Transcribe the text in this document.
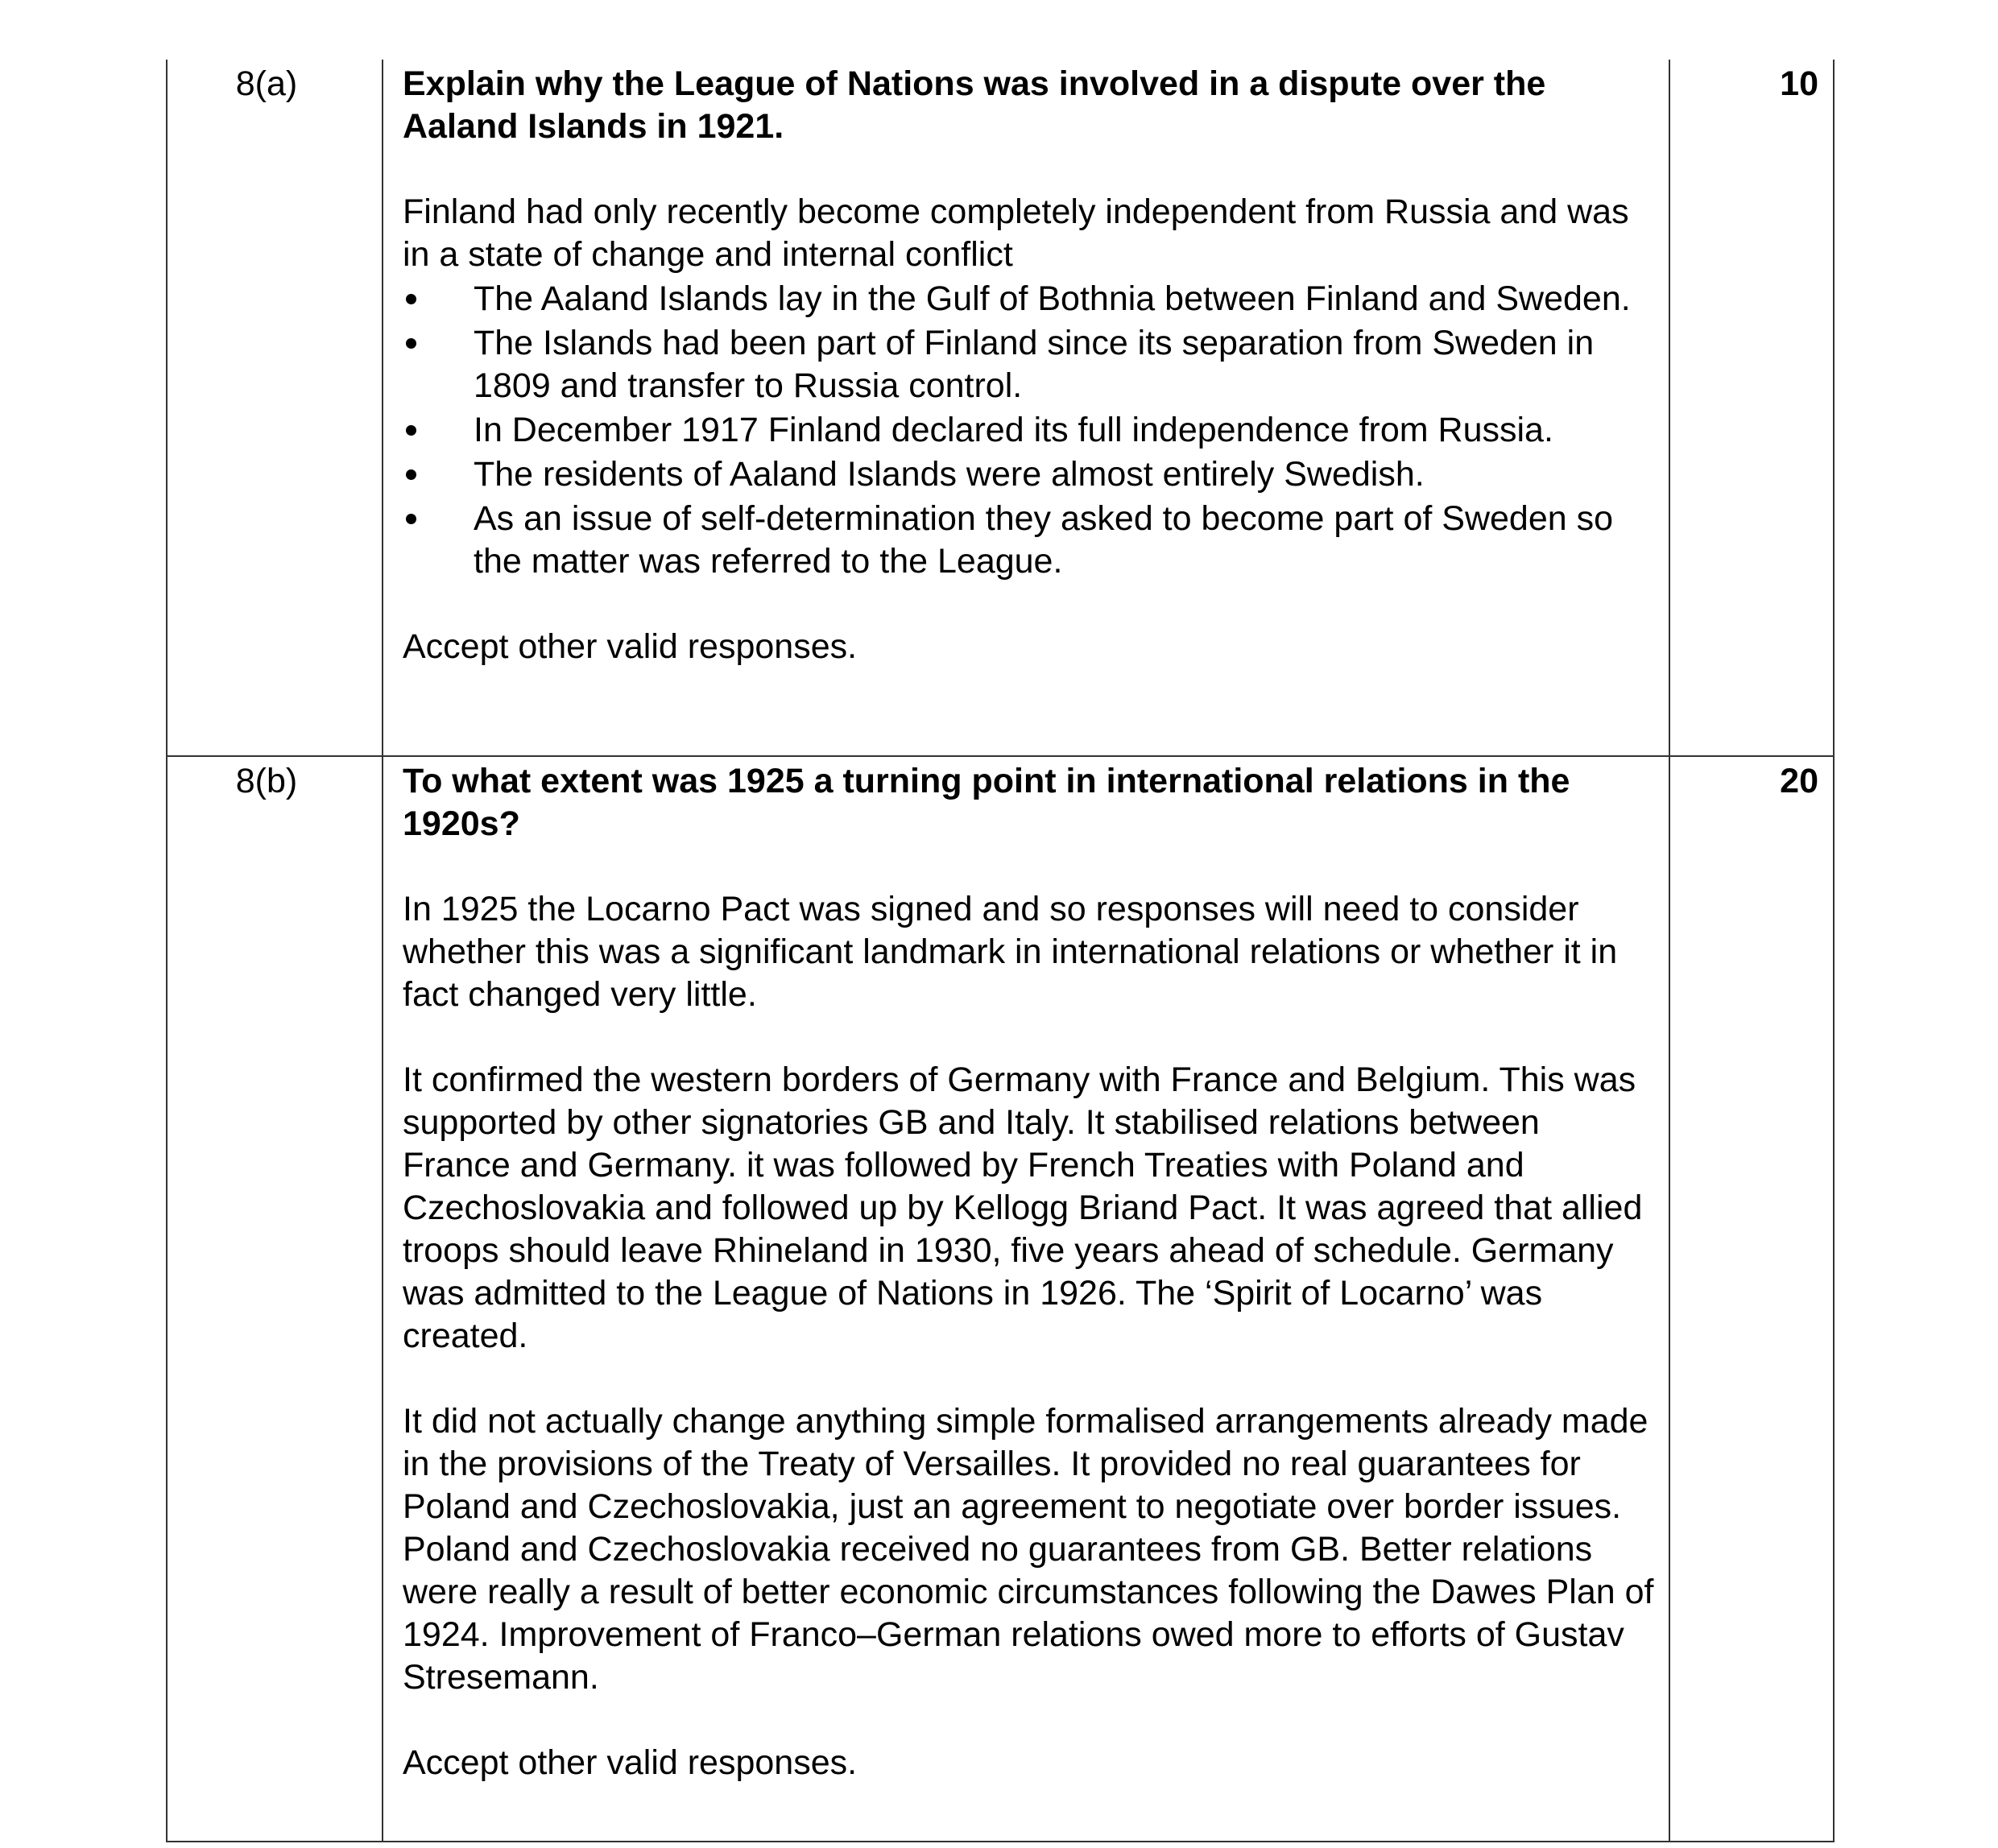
8(a)	Explain why the League of Nations was involved in a dispute over the Aaland Islands in 1921.

Finland had only recently become completely independent from Russia and was in a state of change and internal conflict

The Aaland Islands lay in the Gulf of Bothnia between Finland and Sweden.
The Islands had been part of Finland since its separation from Sweden in 1809 and transfer to Russia control.
In December 1917 Finland declared its full independence from Russia.
The residents of Aaland Islands were almost entirely Swedish.
As an issue of self-determination they asked to become part of Sweden so the matter was referred to the League.

Accept other valid responses.

10
8(b)	To what extent was 1925 a turning point in international relations in the 1920s?

In 1925 the Locarno Pact was signed and so responses will need to consider whether this was a significant landmark in international relations or whether it in fact changed very little.

It confirmed the western borders of Germany with France and Belgium. This was supported by other signatories GB and Italy. It stabilised relations between France and Germany. it was followed by French Treaties with Poland and Czechoslovakia and followed up by Kellogg Briand Pact. It was agreed that allied troops should leave Rhineland in 1930, five years ahead of schedule. Germany was admitted to the League of Nations in 1926. The ‘Spirit of Locarno’ was created.

It did not actually change anything simple formalised arrangements already made in the provisions of the Treaty of Versailles. It provided no real guarantees for Poland and Czechoslovakia, just an agreement to negotiate over border issues. Poland and Czechoslovakia received no guarantees from GB. Better relations were really a result of better economic circumstances following the Dawes Plan of 1924. Improvement of Franco–German relations owed more to efforts of Gustav Stresemann.

Accept other valid responses.

20
